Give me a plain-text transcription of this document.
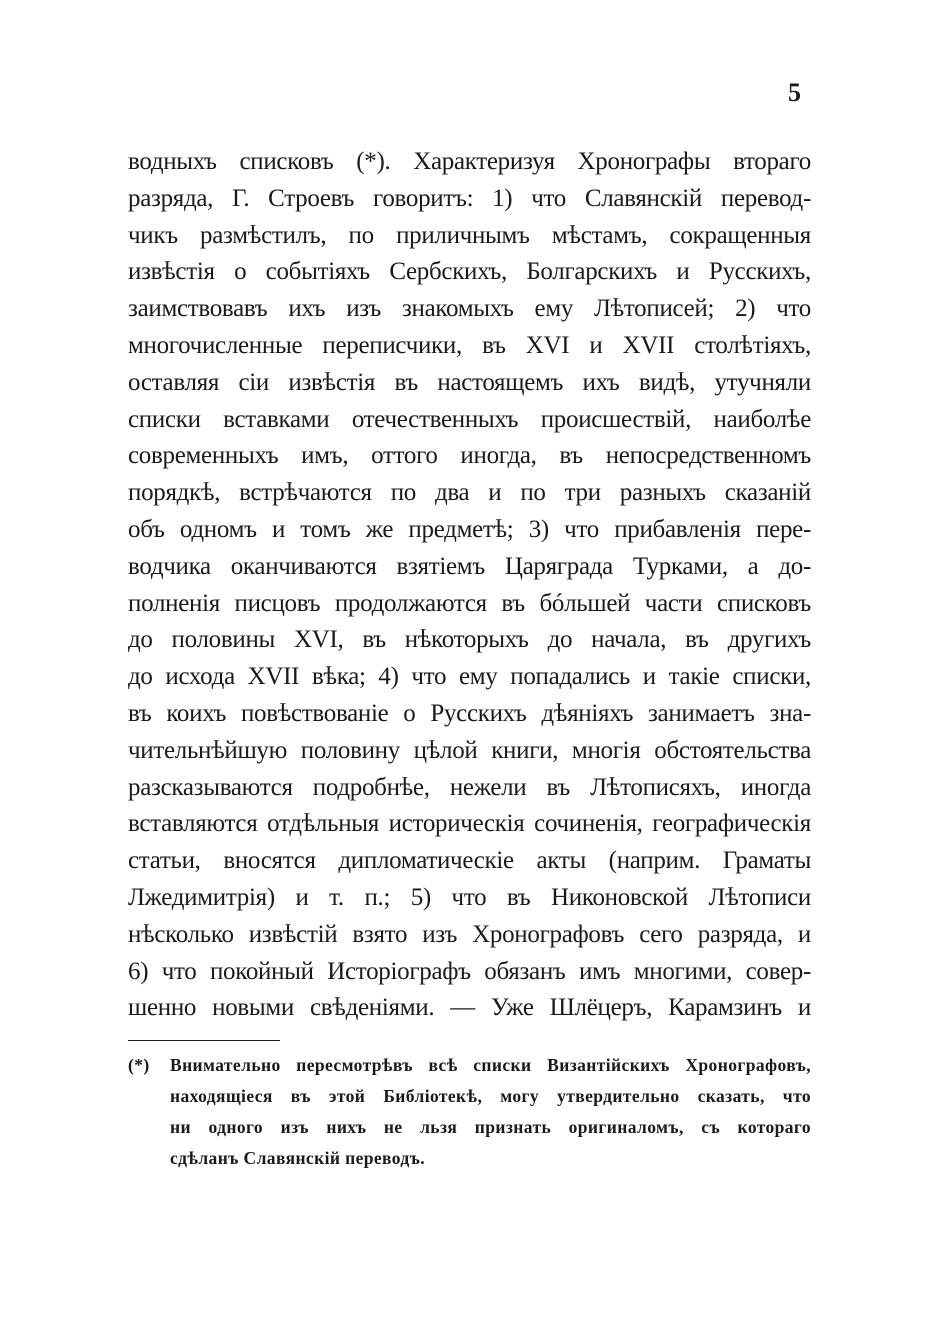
5
водныхъ списковъ (*). Характеризуя Хронографы втораго
разряда, Г. Строевъ говоритъ: 1) что Славянскій перевод-
чикъ размѣстилъ, по приличнымъ мѣстамъ, сокращенныя
извѣстія о событіяхъ Сербскихъ, Болгарскихъ и Русскихъ,
заимствовавъ ихъ изъ знакомыхъ ему Лѣтописей; 2) что
многочисленные переписчики, въ XVI и XVII столѣтіяхъ,
оставляя сіи извѣстія въ настоящемъ ихъ видѣ, утучняли
списки вставками отечественныхъ происшествій, наиболѣе
современныхъ имъ, оттого иногда, въ непосредственномъ
порядкѣ, встрѣчаются по два и по три разныхъ сказаній
объ одномъ и томъ же предметѣ; 3) что прибавленія пере-
водчика оканчиваются взятіемъ Царяграда Турками, а до-
полненія писцовъ продолжаются въ бóльшей части списковъ
до половины XVI, въ нѣкоторыхъ до начала, въ другихъ
до исхода XVII вѣка; 4) что ему попадались и такіе списки,
въ коихъ повѣствованіе о Русскихъ дѣяніяхъ занимаетъ зна-
чительнѣйшую половину цѣлой книги, многія обстоятельства
разсказываются подробнѣе, нежели въ Лѣтописяхъ, иногда
вставляются отдѣльныя историческія сочиненія, географическія
статьи, вносятся дипломатическіе акты (наприм. Граматы
Лжедимитрія) и т. п.; 5) что въ Никоновской Лѣтописи
нѣсколько извѣстій взято изъ Хронографовъ сего разряда, и
6) что покойный Исторіографъ обязанъ имъ многими, совер-
шенно новыми свѣденіями. — Уже Шлёцеръ, Карамзинъ и
(*) Внимательно пересмотрѣвъ всѣ списки Византійскихъ Хронографовъ,
находящіеся въ этой Библіотекѣ, могу утвердительно сказать, что
ни одного изъ нихъ не льзя признать оригиналомъ, съ котораго
сдѣланъ Славянскій переводъ.
